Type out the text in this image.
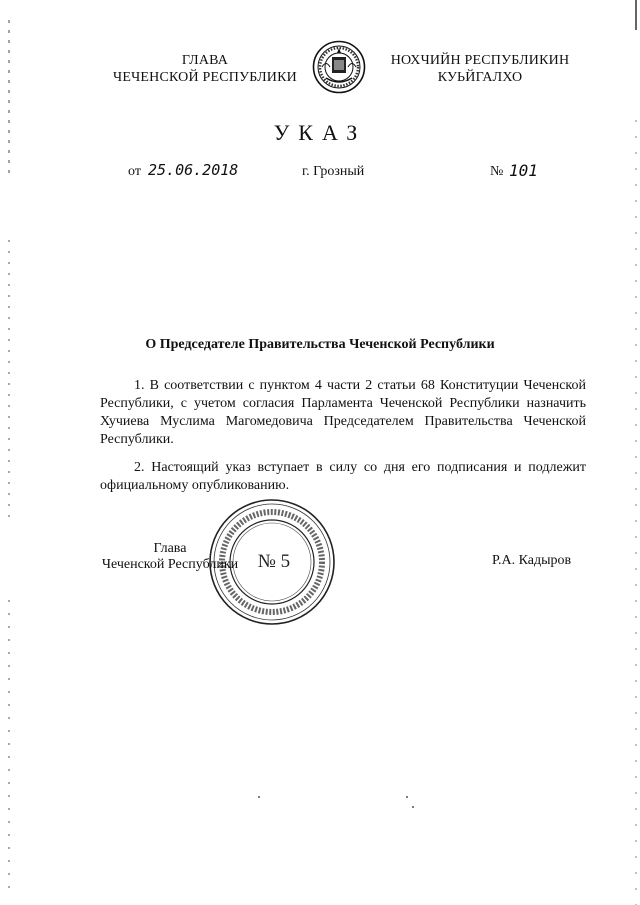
ГЛАВА
ЧЕЧЕНСКОЙ РЕСПУБЛИКИ
НОХЧИЙН РЕСПУБЛИКИН
КУЬЙГАЛХО
УКАЗ
от 25.06.2018	г. Грозный	№ 101
О Председателе Правительства Чеченской Республики

1. В соответствии с пунктом 4 части 2 статьи 68 Конституции Чеченской Республики, с учетом согласия Парламента Чеченской Республики назначить Хучиева Муслима Магомедовича Председателем Правительства Чеченской Республики.

2. Настоящий указ вступает в силу со дня его подписания и подлежит официальному опубликованию.

№ 5
Глава
Чеченской Республики	Р.А. Кадыров
